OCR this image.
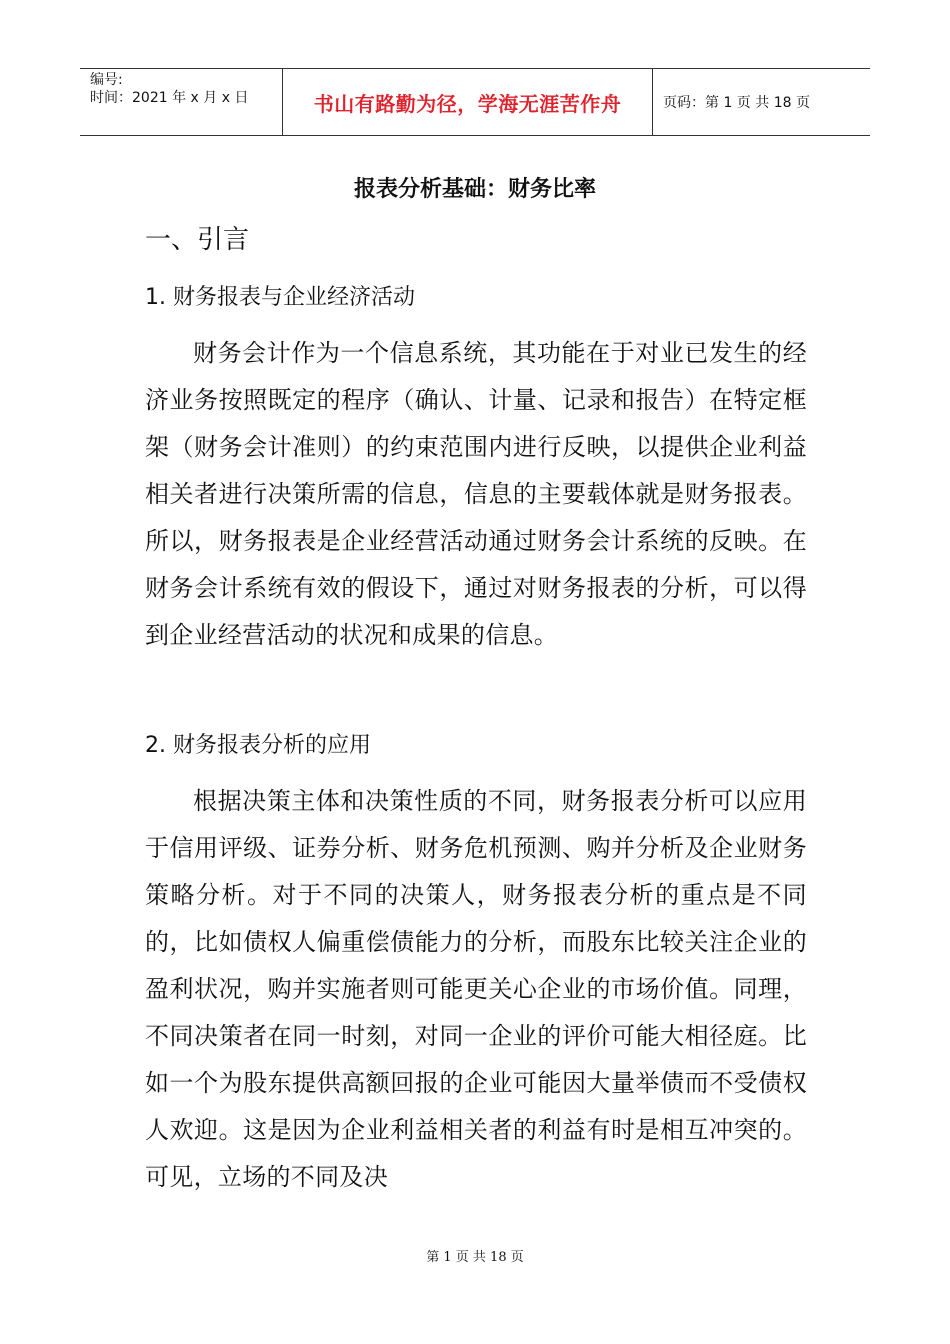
编号:
时间：2021 年 x 月 x 日	书山有路勤为径，学海无涯苦作舟	页码：第 1 页 共 18 页
报表分析基础：财务比率
一、引言
1. 财务报表与企业经济活动

财务会计作为一个信息系统，其功能在于对业已发生的经济业务按照既定的程序（确认、计量、记录和报告）在特定框架（财务会计准则）的约束范围内进行反映，以提供企业利益相关者进行决策所需的信息，信息的主要载体就是财务报表。所以，财务报表是企业经营活动通过财务会计系统的反映。在财务会计系统有效的假设下，通过对财务报表的分析，可以得到企业经营活动的状况和成果的信息。

2. 财务报表分析的应用

根据决策主体和决策性质的不同，财务报表分析可以应用于信用评级、证券分析、财务危机预测、购并分析及企业财务策略分析。对于不同的决策人，财务报表分析的重点是不同的，比如债权人偏重偿债能力的分析，而股东比较关注企业的盈利状况，购并实施者则可能更关心企业的市场价值。同理，不同决策者在同一时刻，对同一企业的评价可能大相径庭。比如一个为股东提供高额回报的企业可能因大量举债而不受债权人欢迎。这是因为企业利益相关者的利益有时是相互冲突的。可见，立场的不同及决

第 1 页 共 18 页
